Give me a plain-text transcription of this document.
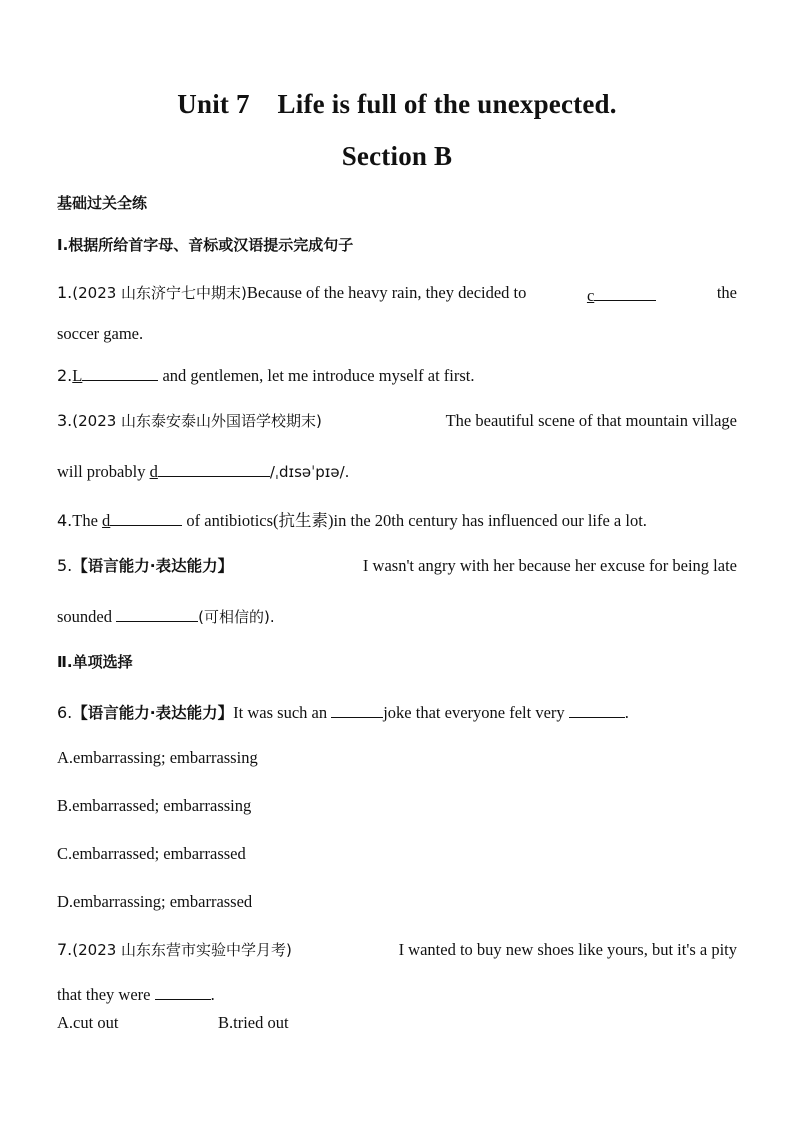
Unit 7    Life is full of the unexpected.
Section B
基础过关全练
Ⅰ.根据所给首字母、音标或汉语提示完成句子
1.(2023 山东济宁七中期末)Because of the heavy rain, they decided to	c	the
soccer game.
2.L	and gentlemen, let me introduce myself at first.
3.(2023 山东泰安泰山外国语学校期末)	The beautiful scene of that mountain village
will probably d	/ˌdɪsəˈpɪə/.
4.The d	of antibiotics(抗生素)in the 20th century has influenced our life a lot.
5.【语言能力·表达能力】	I wasn't angry with her because her excuse for being late
sounded	(可相信的).
Ⅱ.单项选择
6.【语言能力·表达能力】It was such an	joke that everyone felt very	.
A.embarrassing; embarrassing
B.embarrassed; embarrassing
C.embarrassed; embarrassed
D.embarrassing; embarrassed
7.(2023 山东东营市实验中学月考)	I wanted to buy new shoes like yours, but it's a pity
that they were	.
A.cut out	B.tried out
